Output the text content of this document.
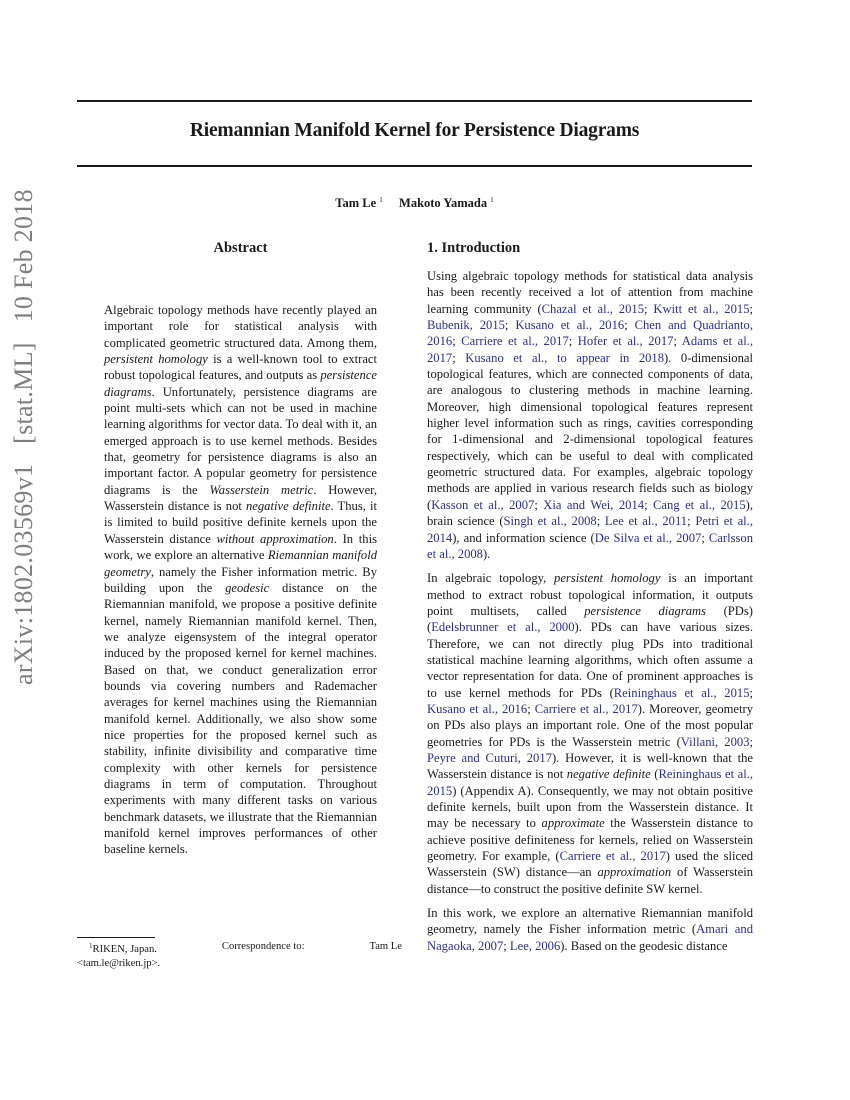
Riemannian Manifold Kernel for Persistence Diagrams
Tam Le $^1$ Makoto Yamada $^1$
arXiv:1802.03569v1 [stat.ML] 10 Feb 2018	Abstract

Algebraic topology methods have recently played an important role for statistical analysis with complicated geometric structured data. Among them, persistent homology is a well-known tool to extract robust topological features, and outputs as persistence diagrams. Unfortunately, persistence diagrams are point multi-sets which can not be used in machine learning algorithms for vector data. To deal with it, an emerged approach is to use kernel methods. Besides that, geometry for persistence diagrams is also an important factor. A popular geometry for persistence diagrams is the Wasserstein metric. However, Wasserstein distance is not negative definite. Thus, it is limited to build positive definite kernels upon the Wasserstein distance without approximation. In this work, we explore an alternative Riemannian manifold geometry, namely the Fisher information metric. By building upon the geodesic distance on the Riemannian manifold, we propose a positive definite kernel, namely Riemannian manifold kernel. Then, we analyze eigensystem of the integral operator induced by the proposed kernel for kernel machines. Based on that, we conduct generalization error bounds via covering numbers and Rademacher averages for kernel machines using the Riemannian manifold kernel. Additionally, we also show some nice properties for the proposed kernel such as stability, infinite divisibility and comparative time complexity with other kernels for persistence diagrams in term of computation. Throughout experiments with many different tasks on various benchmark datasets, we illustrate that the Riemannian manifold kernel improves performances of other baseline kernels.

$^1$RIKEN, Japan.	Correspondence to:	Tam Le
<tam.le@riken.jp>.
1. Introduction

Using algebraic topology methods for statistical data analysis has been recently received a lot of attention from machine learning community (Chazal et al., 2015; Kwitt et al., 2015; Bubenik, 2015; Kusano et al., 2016; Chen and Quadrianto, 2016; Carriere et al., 2017; Hofer et al., 2017; Adams et al., 2017; Kusano et al., to appear in 2018). 0-dimensional topological features, which are connected components of data, are analogous to clustering methods in machine learning. Moreover, high dimensional topological features represent higher level information such as rings, cavities corresponding for 1-dimensional and 2-dimensional topological features respectively, which can be useful to deal with complicated geometric structured data. For examples, algebraic topology methods are applied in various research fields such as biology (Kasson et al., 2007; Xia and Wei, 2014; Cang et al., 2015), brain science (Singh et al., 2008; Lee et al., 2011; Petri et al., 2014), and information science (De Silva et al., 2007; Carlsson et al., 2008).

In algebraic topology, persistent homology is an important method to extract robust topological information, it outputs point multisets, called persistence diagrams (PDs) (Edelsbrunner et al., 2000). PDs can have various sizes. Therefore, we can not directly plug PDs into traditional statistical machine learning algorithms, which often assume a vector representation for data. One of prominent approaches is to use kernel methods for PDs (Reininghaus et al., 2015; Kusano et al., 2016; Carriere et al., 2017). Moreover, geometry on PDs also plays an important role. One of the most popular geometries for PDs is the Wasserstein metric (Villani, 2003; Peyre and Cuturi, 2017). However, it is well-known that the Wasserstein distance is not negative definite (Reininghaus et al., 2015) (Appendix A). Consequently, we may not obtain positive definite kernels, built upon from the Wasserstein distance. It may be necessary to approximate the Wasserstein distance to achieve positive definiteness for kernels, relied on Wasserstein geometry. For example, (Carriere et al., 2017) used the sliced Wasserstein (SW) distance—an approximation of Wasserstein distance—to construct the positive definite SW kernel.

In this work, we explore an alternative Riemannian manifold geometry, namely the Fisher information metric (Amari and Nagaoka, 2007; Lee, 2006). Based on the geodesic distance
